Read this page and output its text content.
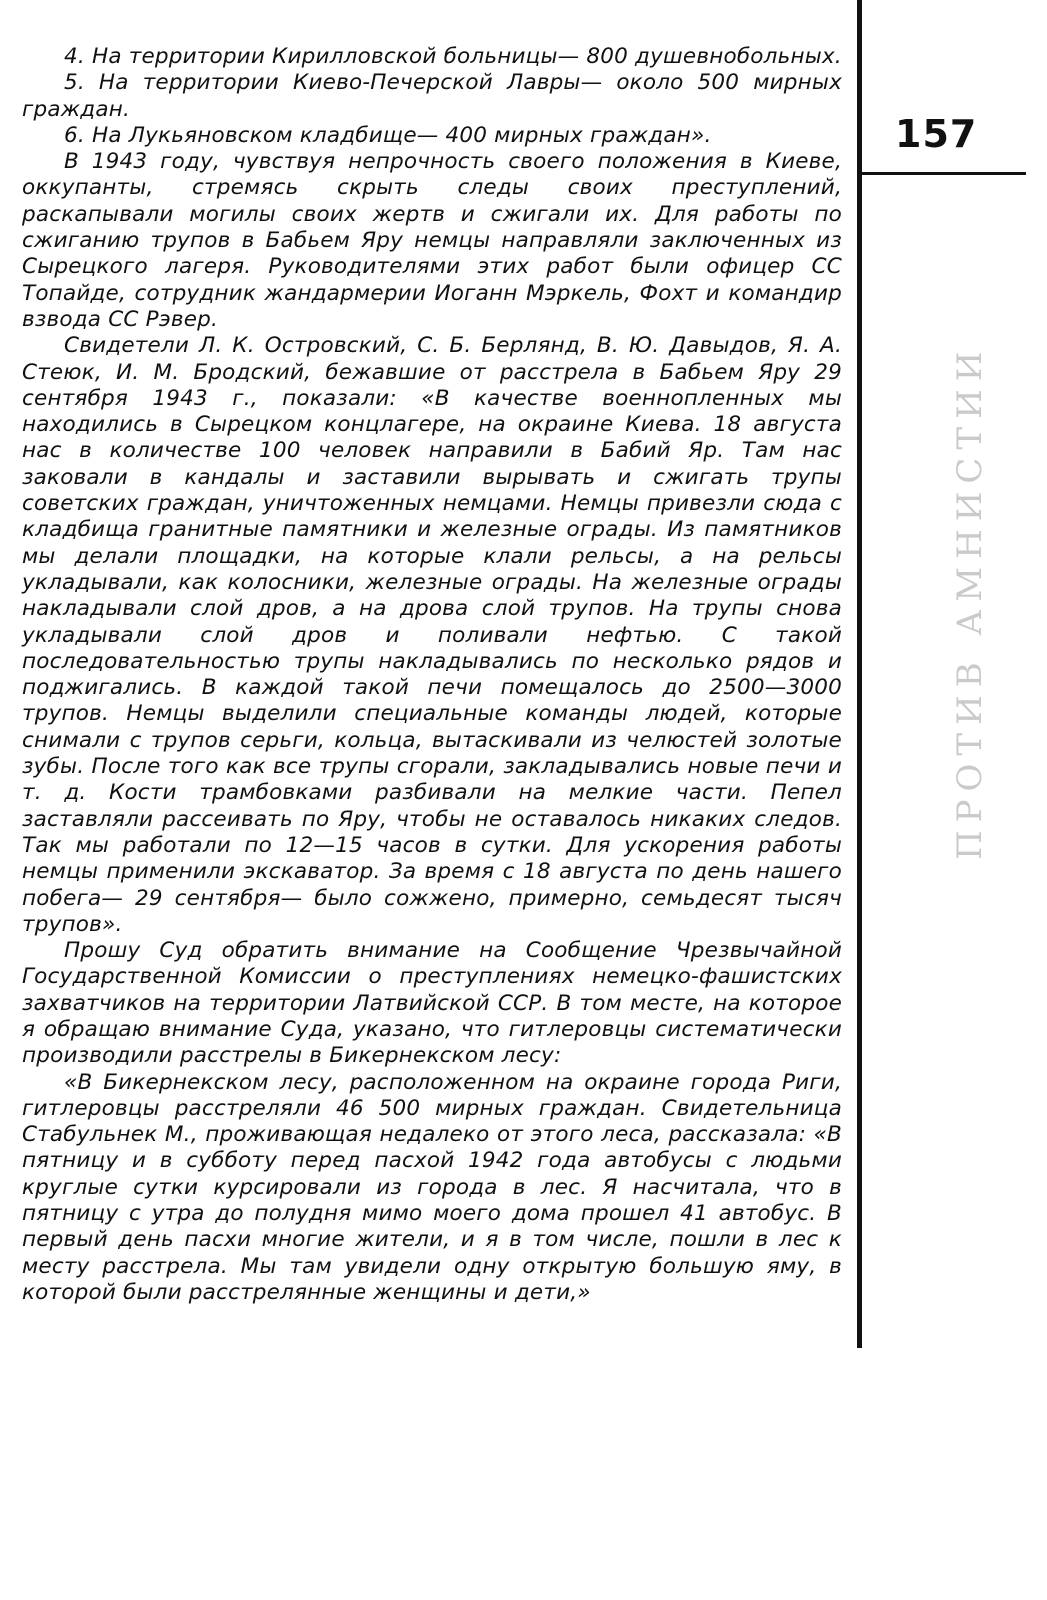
4. На территории Кирилловской больницы— 800 душевнобольных.

5. На территории Киево-Печерской Лавры— около 500 мирных граждан.

6. На Лукьяновском кладбище— 400 мирных граждан».

В 1943 году, чувствуя непрочность своего положения в Киеве, оккупанты, стремясь скрыть следы своих преступлений, раскапывали могилы своих жертв и сжигали их. Для работы по сжиганию трупов в Бабьем Яру немцы направляли заключенных из Сырецкого лагеря. Руководителями этих работ были офицер СС Топайде, сотрудник жандармерии Иоганн Мэркель, Фохт и командир взвода СС Рэвер.

Свидетели Л. К. Островский, С. Б. Берлянд, В. Ю. Давыдов, Я. А. Стеюк, И. М. Бродский, бежавшие от расстрела в Бабьем Яру 29 сентября 1943 г., показали: «В качестве военнопленных мы находились в Сырецком концлагере, на окраине Киева. 18 августа нас в количестве 100 человек направили в Бабий Яр. Там нас заковали в кандалы и заставили вырывать и сжигать трупы советских граждан, уничтоженных немцами. Немцы привезли сюда с кладбища гранитные памятники и железные ограды. Из памятников мы делали площадки, на которые клали рельсы, а на рельсы укладывали, как колосники, железные ограды. На железные ограды накладывали слой дров, а на дрова слой трупов. На трупы снова укладывали слой дров и поливали нефтью. С такой последовательностью трупы накладывались по несколько рядов и поджигались. В каждой такой печи помещалось до 2500—3000 трупов. Немцы выделили специальные команды людей, которые снимали с трупов серьги, кольца, вытаскивали из челюстей золотые зубы. После того как все трупы сгорали, закладывались новые печи и т. д. Кости трамбовками разбивали на мелкие части. Пепел заставляли рассеивать по Яру, чтобы не оставалось никаких следов. Так мы работали по 12—15 часов в сутки. Для ускорения работы немцы применили экскаватор. За время с 18 августа по день нашего побега— 29 сентября— было сожжено, примерно, семьдесят тысяч трупов».

Прошу Суд обратить внимание на Сообщение Чрезвычайной Государственной Комиссии о преступлениях немецко-фашистских захватчиков на территории Латвийской ССР. В том месте, на которое я обращаю внимание Суда, указано, что гитлеровцы систематически производили расстрелы в Бикернекском лесу:

«В Бикернекском лесу, расположенном на окраине города Риги, гитлеровцы расстреляли 46 500 мирных граждан. Свидетельница Стабульнек М., проживающая недалеко от этого леса, рассказала: «В пятницу и в субботу перед пасхой 1942 года автобусы с людьми круглые сутки курсировали из города в лес. Я насчитала, что в пятницу с утра до полудня мимо моего дома прошел 41 автобус. В первый день пасхи многие жители, и я в том числе, пошли в лес к месту расстрела. Мы там увидели одну открытую большую яму, в которой были расстрелянные женщины и дети,»

157
ПРОТИВ АМНИСТИИ
